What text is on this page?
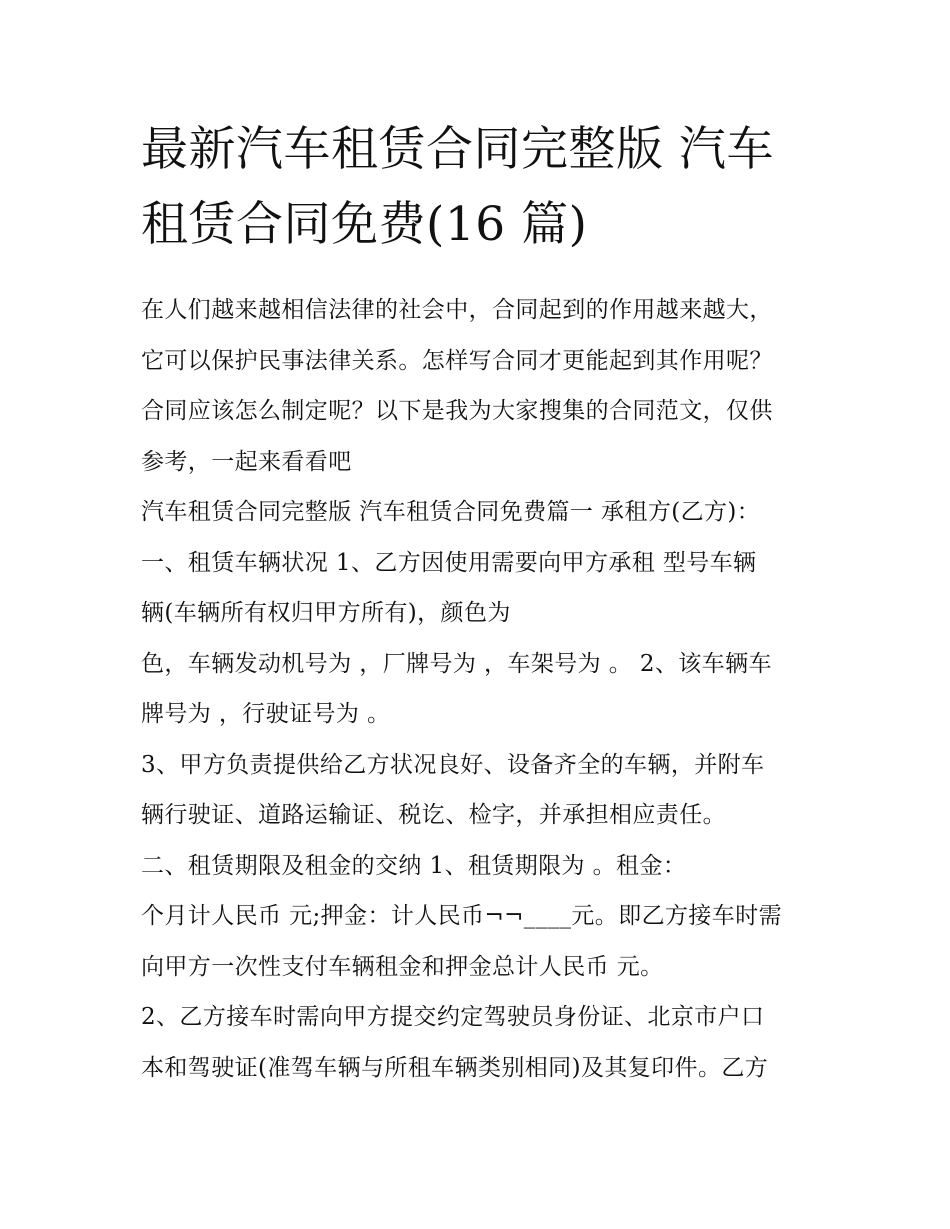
最新汽车租赁合同完整版 汽车
租赁合同免费(16 篇)
在人们越来越相信法律的社会中，合同起到的作用越来越大，
它可以保护民事法律关系。怎样写合同才更能起到其作用呢？
合同应该怎么制定呢？以下是我为大家搜集的合同范文，仅供
参考，一起来看看吧
汽车租赁合同完整版 汽车租赁合同免费篇一 承租方(乙方)：
一、租赁车辆状况 1、乙方因使用需要向甲方承租 型号车辆
辆(车辆所有权归甲方所有)，颜色为
色，车辆发动机号为 ，厂牌号为 ，车架号为 。 2、该车辆车
牌号为 ，行驶证号为 。
3、甲方负责提供给乙方状况良好、设备齐全的车辆，并附车
辆行驶证、道路运输证、税讫、检字，并承担相应责任。
二、租赁期限及租金的交纳 1、租赁期限为 。租金：
个月计人民币 元;押金：计人民币¬¬____元。即乙方接车时需
向甲方一次性支付车辆租金和押金总计人民币 元。
2、乙方接车时需向甲方提交约定驾驶员身份证、北京市户口
本和驾驶证(准驾车辆与所租车辆类别相同)及其复印件。乙方
